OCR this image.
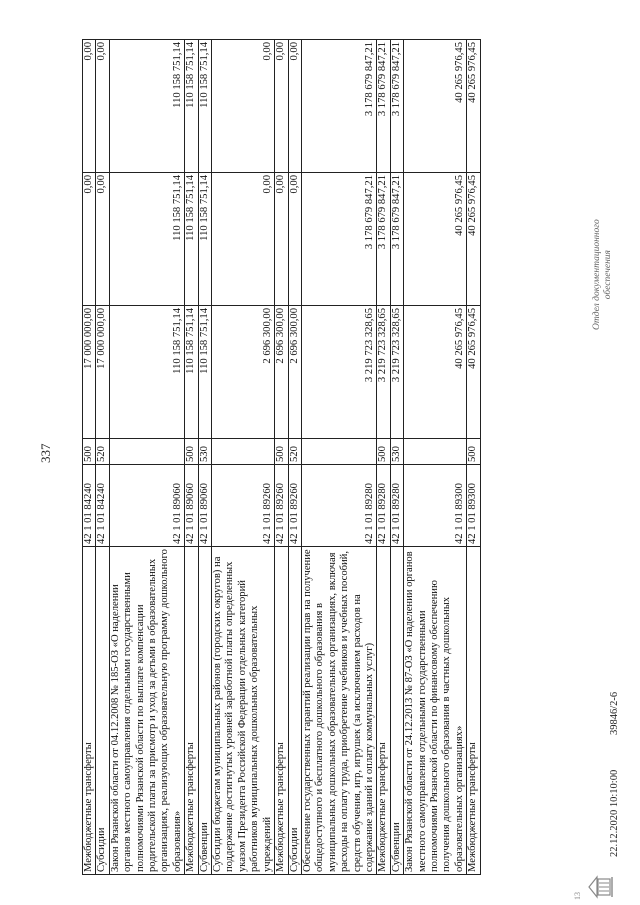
337
Межбюджетные трансферты	42 1 01 84240	500	17 000 000,00	0,00	0,00
Субсидии	42 1 01 84240	520	17 000 000,00	0,00	0,00
Закон Рязанской области от 04.12.2008 № 185-ОЗ «О наделении органов местного самоуправления отдельными государственными полномочиями Рязанской области по выплате компенсации родительской платы за присмотр и уход за детьми в образовательных организациях, реализующих образовательную программу дошкольного образования»	42 1 01 89060		110 158 751,14	110 158 751,14	110 158 751,14
Межбюджетные трансферты	42 1 01 89060	500	110 158 751,14	110 158 751,14	110 158 751,14
Субвенции	42 1 01 89060	530	110 158 751,14	110 158 751,14	110 158 751,14
Субсидии бюджетам муниципальных районов (городских округов) на поддержание достигнутых уровней заработной платы определенных указом Президента Российской Федерации отдельных категорий работников муниципальных дошкольных образовательных учреждений	42 1 01 89260		2 696 300,00	0,00	0,00
Межбюджетные трансферты	42 1 01 89260	500	2 696 300,00	0,00	0,00
Субсидии	42 1 01 89260	520	2 696 300,00	0,00	0,00
Обеспечение государственных гарантий реализации прав на получение общедоступного и бесплатного дошкольного образования в муниципальных дошкольных образовательных организациях, включая расходы на оплату труда, приобретение учебников и учебных пособий, средств обучения, игр, игрушек (за исключением расходов на содержание зданий и оплату коммунальных услуг)	42 1 01 89280		3 219 723 328,65	3 178 679 847,21	3 178 679 847,21
Межбюджетные трансферты	42 1 01 89280	500	3 219 723 328,65	3 178 679 847,21	3 178 679 847,21
Субвенции	42 1 01 89280	530	3 219 723 328,65	3 178 679 847,21	3 178 679 847,21
Закон Рязанской области от 24.12.2013 № 87-ОЗ «О наделении органов местного самоуправления отдельными государственными полномочиями Рязанской области по финансовому обеспечению получения дошкольного образования в частных дошкольных образовательных организациях»	42 1 01 89300		40 265 976,45	40 265 976,45	40 265 976,45
Межбюджетные трансферты	42 1 01 89300	500	40 265 976,45	40 265 976,45	40 265 976,45
13
22.12.2020 10:10:00
39846/2-6
Отдел документационного обеспечения
